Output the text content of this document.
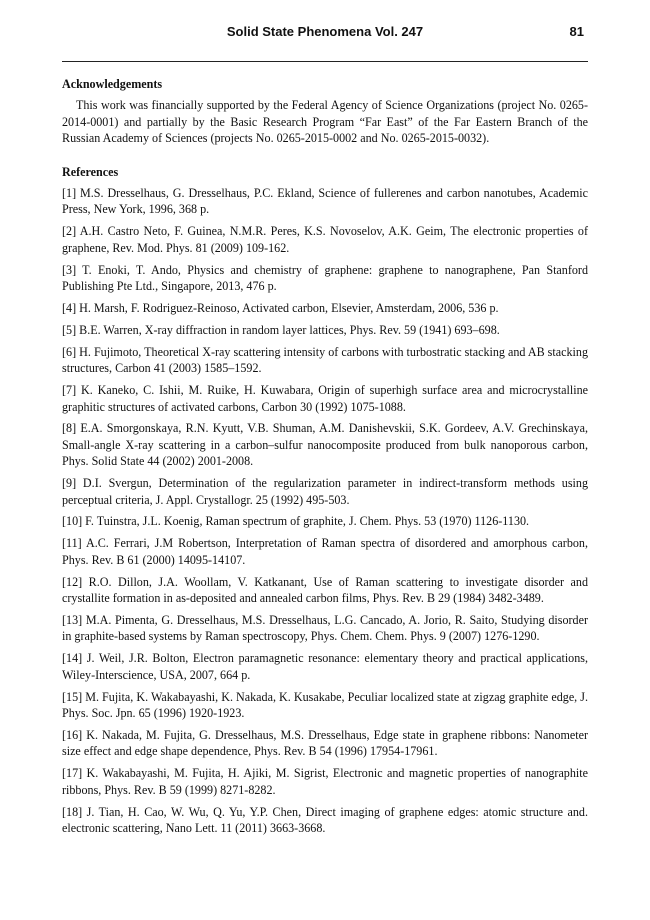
Solid State Phenomena Vol. 247	81
Acknowledgements

This work was financially supported by the Federal Agency of Science Organizations (project No. 0265-2014-0001) and partially by the Basic Research Program “Far East” of the Far Eastern Branch of the Russian Academy of Sciences (projects No. 0265-2015-0002 and No. 0265-2015-0032).

References
[1] M.S. Dresselhaus, G. Dresselhaus, P.C. Ekland, Science of fullerenes and carbon nanotubes, Academic Press, New York, 1996, 368 p.
[2] A.H. Castro Neto, F. Guinea, N.M.R. Peres, K.S. Novoselov, A.K. Geim, The electronic properties of graphene, Rev. Mod. Phys. 81 (2009) 109-162.
[3] T. Enoki, T. Ando, Physics and chemistry of graphene: graphene to nanographene, Pan Stanford Publishing Pte Ltd., Singapore, 2013, 476 p.
[4] H. Marsh, F. Rodriguez-Reinoso, Activated carbon, Elsevier, Amsterdam, 2006, 536 p.
[5] B.E. Warren, X-ray diffraction in random layer lattices, Phys. Rev. 59 (1941) 693–698.
[6] H. Fujimoto, Theoretical X-ray scattering intensity of carbons with turbostratic stacking and AB stacking structures, Carbon 41 (2003) 1585–1592.
[7] K. Kaneko, C. Ishii, M. Ruike, H. Kuwabara, Origin of superhigh surface area and microcrystalline graphitic structures of activated carbons, Carbon 30 (1992) 1075-1088.
[8] E.A. Smorgonskaya, R.N. Kyutt, V.B. Shuman, A.M. Danishevskii, S.K. Gordeev, A.V. Grechinskaya, Small-angle X-ray scattering in a carbon–sulfur nanocomposite produced from bulk nanoporous carbon, Phys. Solid State 44 (2002) 2001-2008.
[9] D.I. Svergun, Determination of the regularization parameter in indirect-transform methods using perceptual criteria, J. Appl. Crystallogr. 25 (1992) 495-503.
[10] F. Tuinstra, J.L. Koenig, Raman spectrum of graphite, J. Chem. Phys. 53 (1970) 1126-1130.
[11] A.C. Ferrari, J.M Robertson, Interpretation of Raman spectra of disordered and amorphous carbon, Phys. Rev. B 61 (2000) 14095-14107.
[12] R.O. Dillon, J.A. Woollam, V. Katkanant, Use of Raman scattering to investigate disorder and crystallite formation in as-deposited and annealed carbon films, Phys. Rev. B 29 (1984) 3482-3489.
[13] M.A. Pimenta, G. Dresselhaus, M.S. Dresselhaus, L.G. Cancado, A. Jorio, R. Saito, Studying disorder in graphite-based systems by Raman spectroscopy, Phys. Chem. Chem. Phys. 9 (2007) 1276-1290.
[14] J. Weil, J.R. Bolton, Electron paramagnetic resonance: elementary theory and practical applications, Wiley-Interscience, USA, 2007, 664 p.
[15] M. Fujita, K. Wakabayashi, K. Nakada, K. Kusakabe, Peculiar localized state at zigzag graphite edge, J. Phys. Soc. Jpn. 65 (1996) 1920-1923.
[16] K. Nakada, M. Fujita, G. Dresselhaus, M.S. Dresselhaus, Edge state in graphene ribbons: Nanometer size effect and edge shape dependence, Phys. Rev. B 54 (1996) 17954-17961.
[17] K. Wakabayashi, M. Fujita, H. Ajiki, M. Sigrist, Electronic and magnetic properties of nanographite ribbons, Phys. Rev. B 59 (1999) 8271-8282.
[18] J. Tian, H. Cao, W. Wu, Q. Yu, Y.P. Chen, Direct imaging of graphene edges: atomic structure and. electronic scattering, Nano Lett. 11 (2011) 3663-3668.
